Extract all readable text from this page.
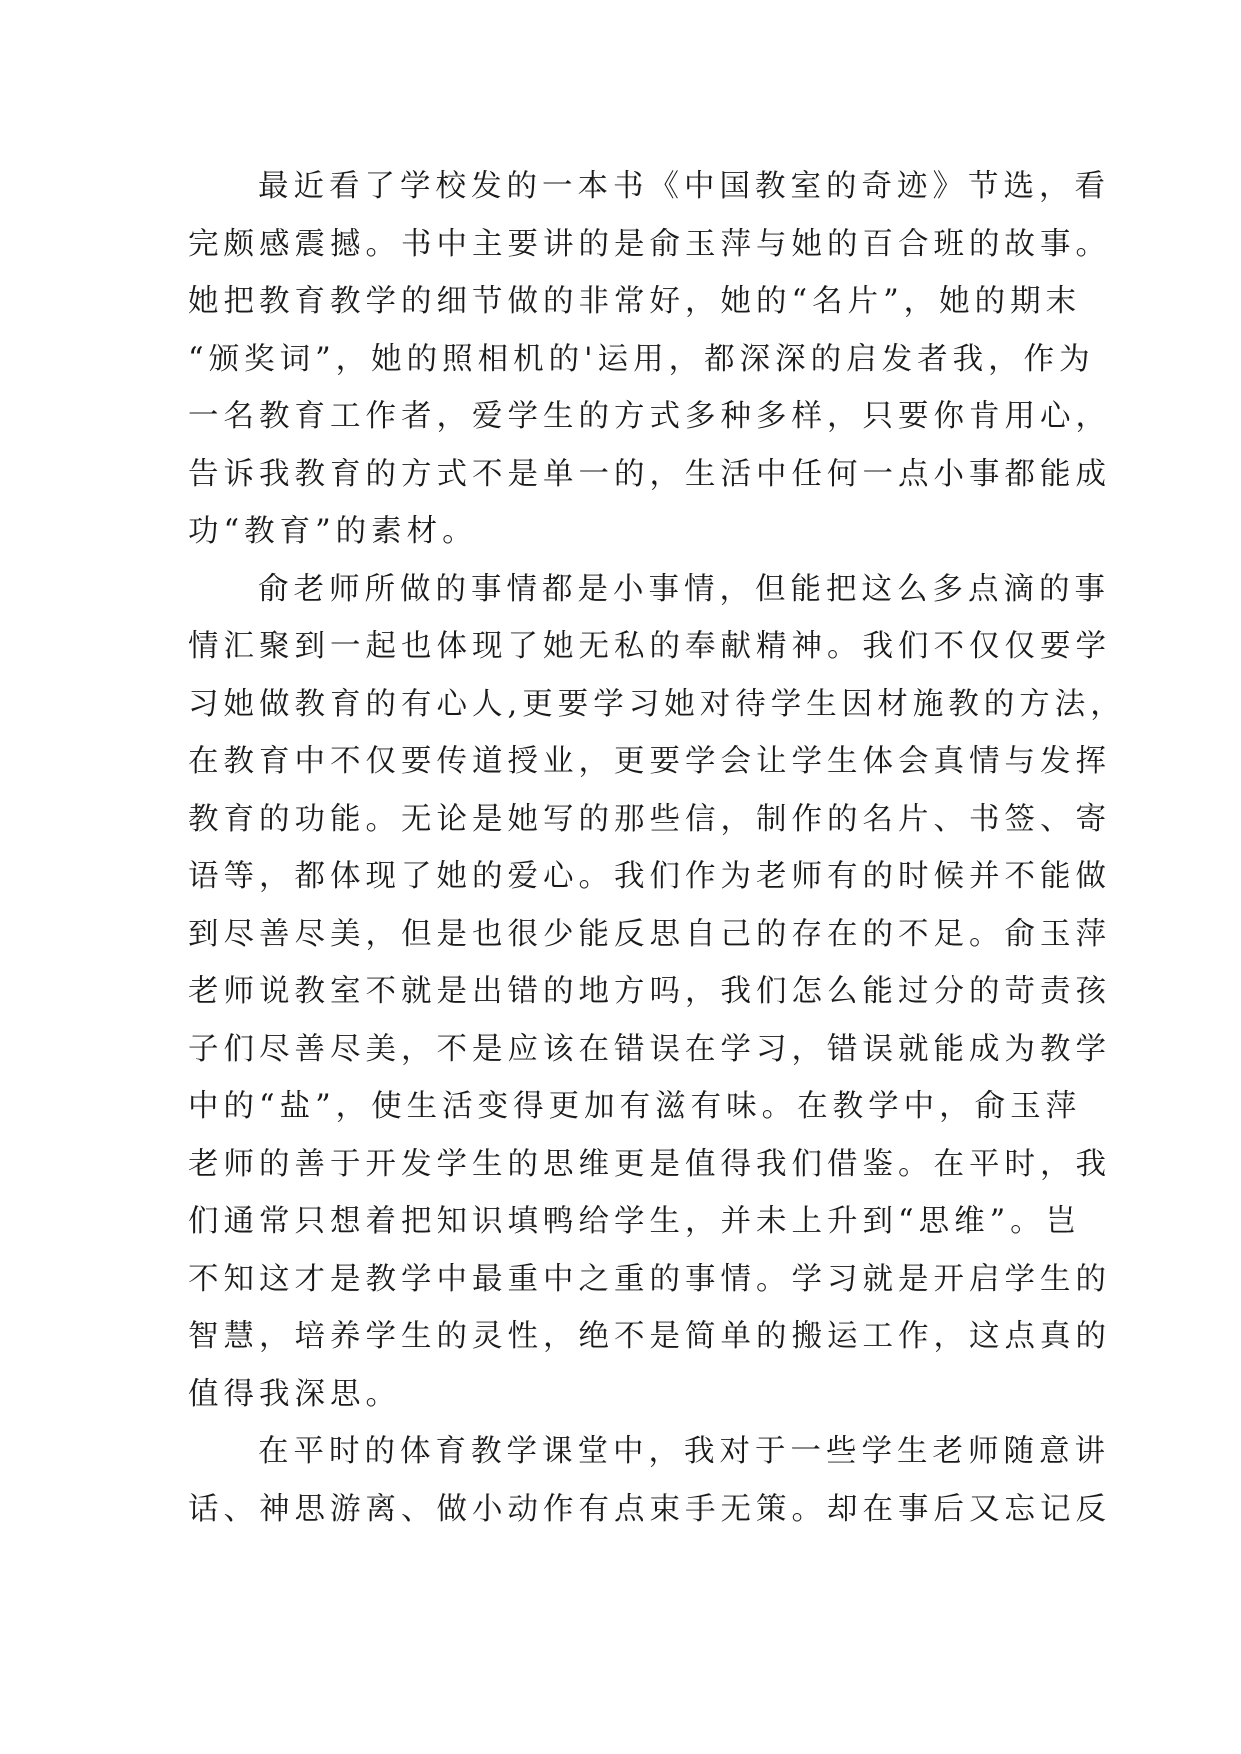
最近看了学校发的一本书《中国教室的奇迹》节选，看
完颇感震撼。书中主要讲的是俞玉萍与她的百合班的故事。
她把教育教学的细节做的非常好，她的“名片”，她的期末
“颁奖词”，她的照相机的'运用，都深深的启发者我，作为
一名教育工作者，爱学生的方式多种多样，只要你肯用心，
告诉我教育的方式不是单一的，生活中任何一点小事都能成
功“教育”的素材。
俞老师所做的事情都是小事情，但能把这么多点滴的事
情汇聚到一起也体现了她无私的奉献精神。我们不仅仅要学
习她做教育的有心人,更要学习她对待学生因材施教的方法，
在教育中不仅要传道授业，更要学会让学生体会真情与发挥
教育的功能。无论是她写的那些信，制作的名片、书签、寄
语等，都体现了她的爱心。我们作为老师有的时候并不能做
到尽善尽美，但是也很少能反思自己的存在的不足。俞玉萍
老师说教室不就是出错的地方吗，我们怎么能过分的苛责孩
子们尽善尽美，不是应该在错误在学习，错误就能成为教学
中的“盐”，使生活变得更加有滋有味。在教学中，俞玉萍
老师的善于开发学生的思维更是值得我们借鉴。在平时，我
们通常只想着把知识填鸭给学生，并未上升到“思维”。岂
不知这才是教学中最重中之重的事情。学习就是开启学生的
智慧，培养学生的灵性，绝不是简单的搬运工作，这点真的
值得我深思。
在平时的体育教学课堂中，我对于一些学生老师随意讲
话、神思游离、做小动作有点束手无策。却在事后又忘记反
